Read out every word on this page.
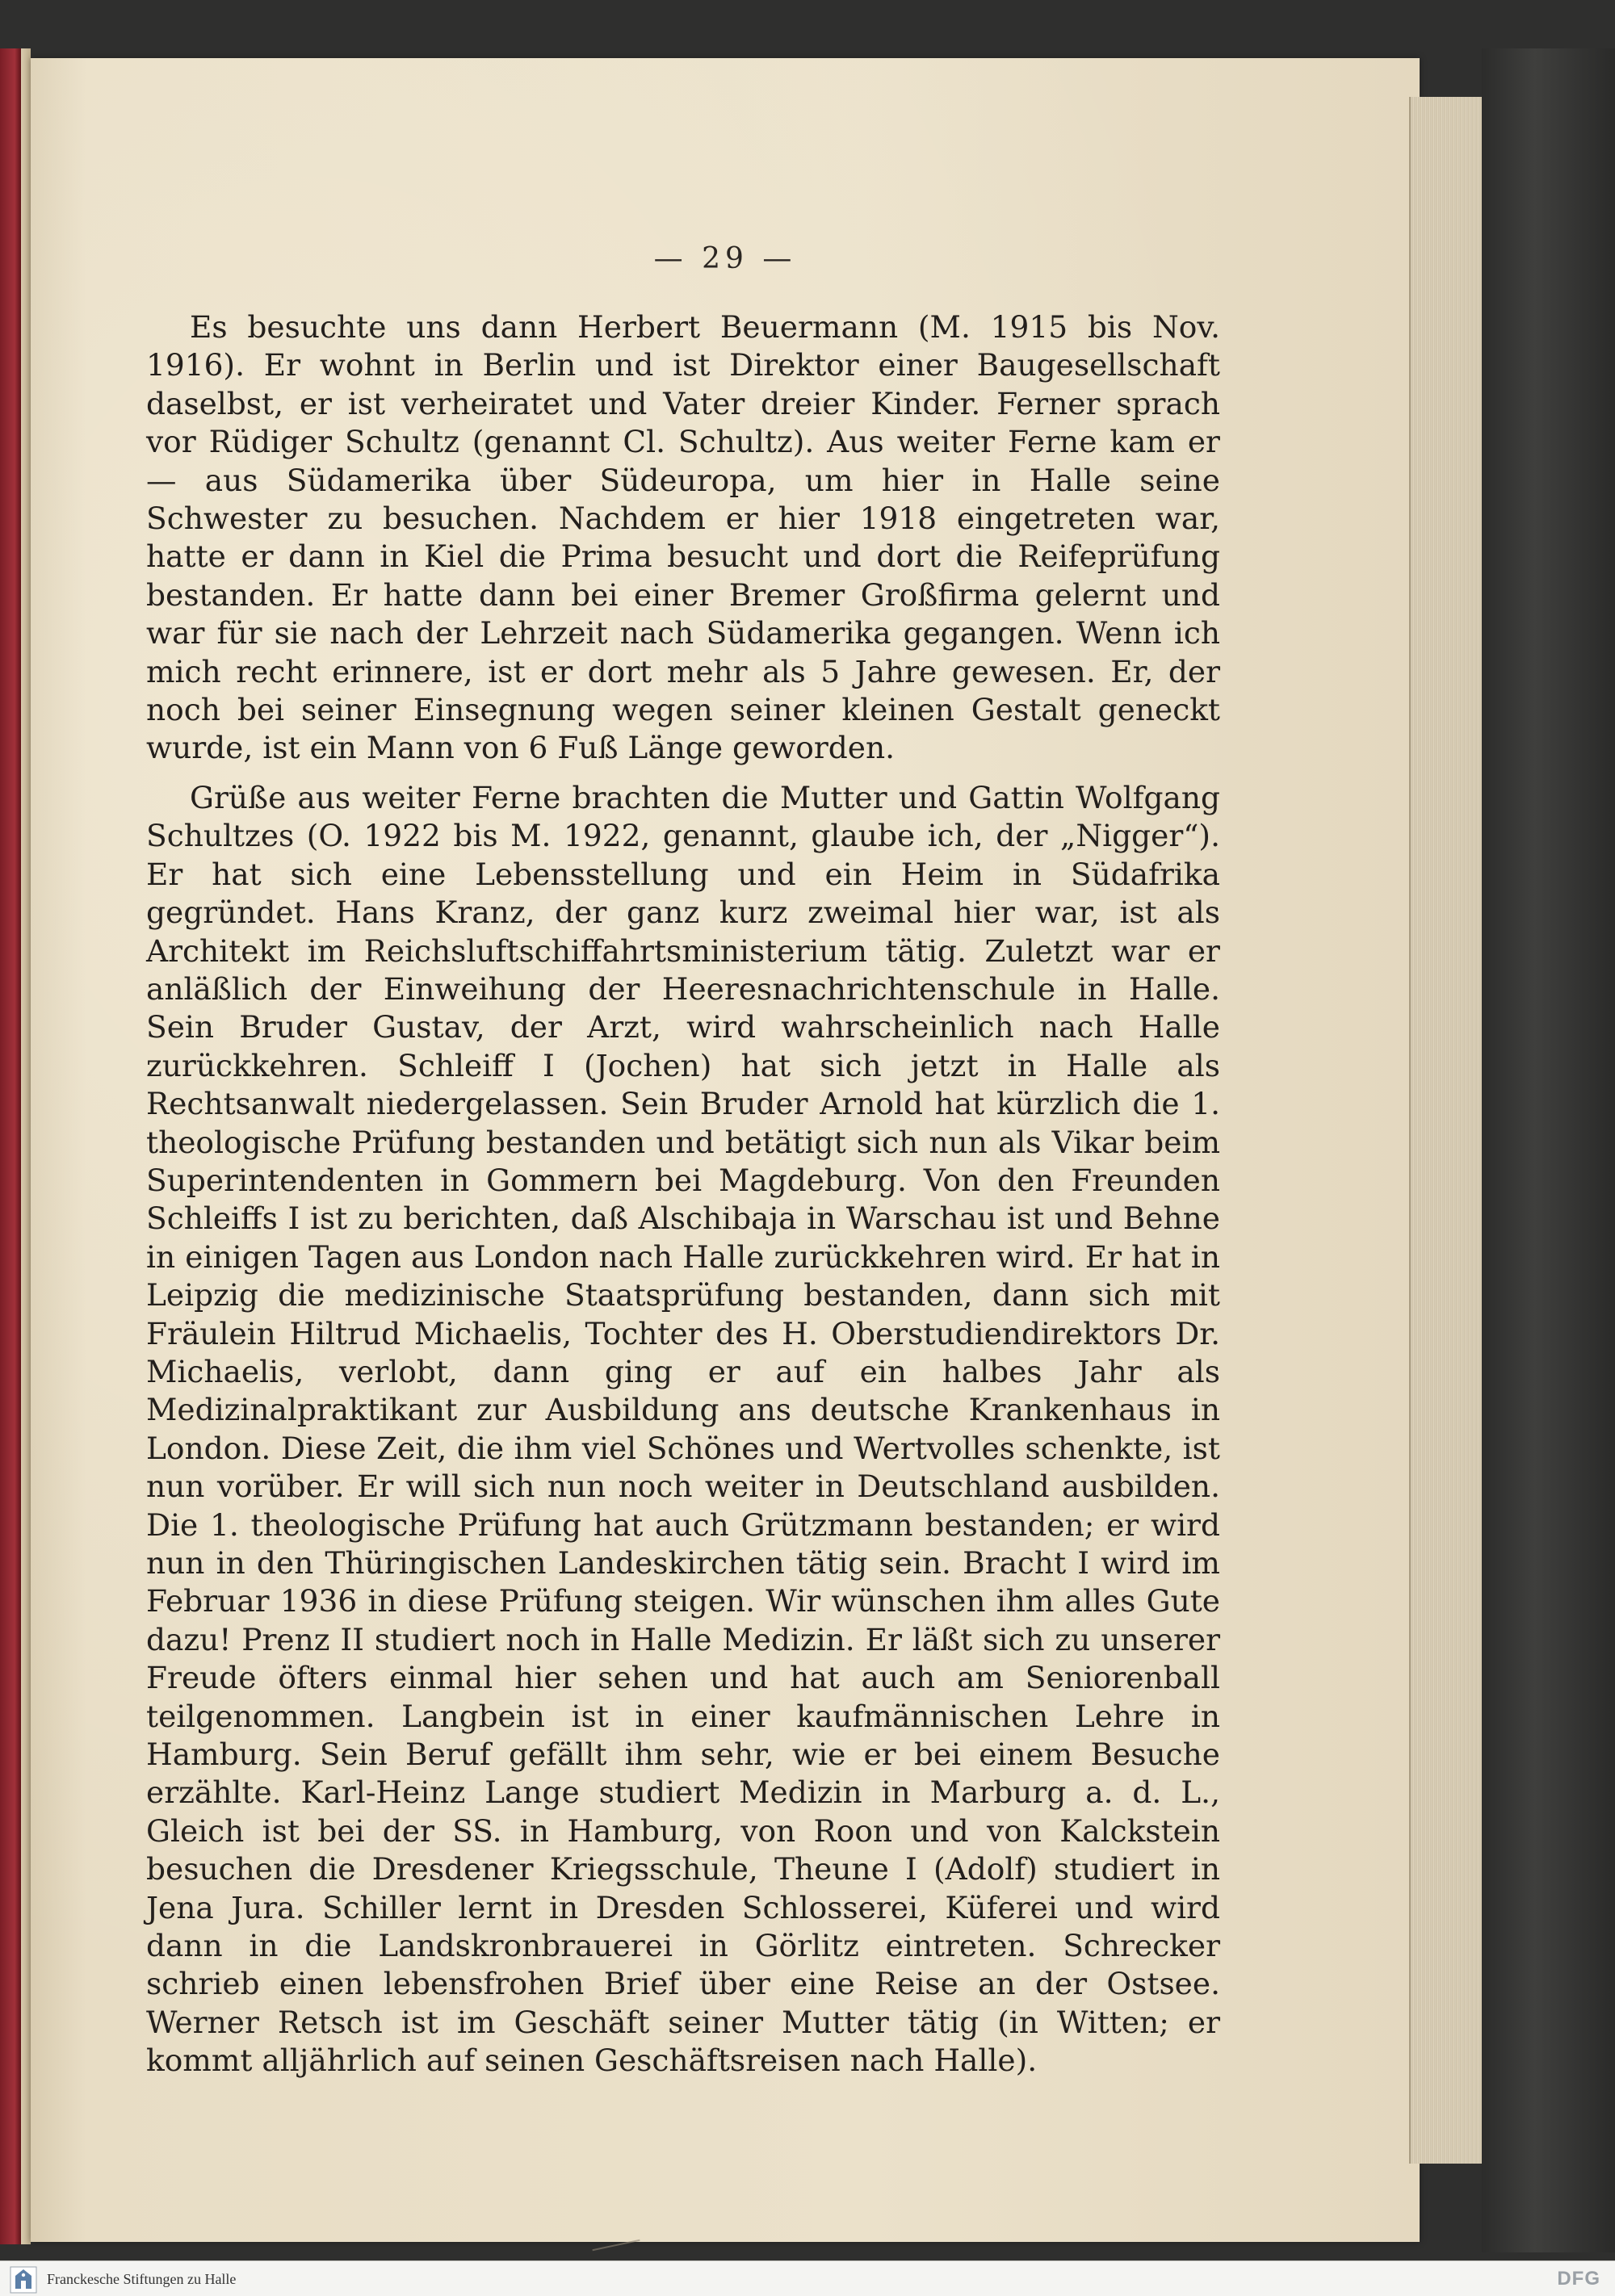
— 29 —

Es besuchte uns dann Herbert Beuermann (M. 1915 bis Nov. 1916). Er wohnt in Berlin und ist Direktor einer Baugesellschaft daselbst, er ist verheiratet und Vater dreier Kinder. Ferner sprach vor Rüdiger Schultz (genannt Cl. Schultz). Aus weiter Ferne kam er — aus Südamerika über Südeuropa, um hier in Halle seine Schwester zu besuchen. Nachdem er hier 1918 eingetreten war, hatte er dann in Kiel die Prima besucht und dort die Reifeprüfung bestanden. Er hatte dann bei einer Bremer Großfirma gelernt und war für sie nach der Lehrzeit nach Südamerika gegangen. Wenn ich mich recht erinnere, ist er dort mehr als 5 Jahre gewesen. Er, der noch bei seiner Einsegnung wegen seiner kleinen Gestalt geneckt wurde, ist ein Mann von 6 Fuß Länge geworden.

Grüße aus weiter Ferne brachten die Mutter und Gattin Wolfgang Schultzes (O. 1922 bis M. 1922, genannt, glaube ich, der „Nigger“). Er hat sich eine Lebensstellung und ein Heim in Südafrika gegründet. Hans Kranz, der ganz kurz zweimal hier war, ist als Architekt im Reichsluftschiffahrtsministerium tätig. Zuletzt war er anläßlich der Einweihung der Heeresnachrichtenschule in Halle. Sein Bruder Gustav, der Arzt, wird wahrscheinlich nach Halle zurückkehren. Schleiff I (Jochen) hat sich jetzt in Halle als Rechtsanwalt niedergelassen. Sein Bruder Arnold hat kürzlich die 1. theologische Prüfung bestanden und betätigt sich nun als Vikar beim Superintendenten in Gommern bei Magdeburg. Von den Freunden Schleiffs I ist zu berichten, daß Alschibaja in Warschau ist und Behne in einigen Tagen aus London nach Halle zurückkehren wird. Er hat in Leipzig die medizinische Staatsprüfung bestanden, dann sich mit Fräulein Hiltrud Michaelis, Tochter des H. Oberstudiendirektors Dr. Michaelis, verlobt, dann ging er auf ein halbes Jahr als Medizinalpraktikant zur Ausbildung ans deutsche Krankenhaus in London. Diese Zeit, die ihm viel Schönes und Wertvolles schenkte, ist nun vorüber. Er will sich nun noch weiter in Deutschland ausbilden. Die 1. theologische Prüfung hat auch Grützmann bestanden; er wird nun in den Thüringischen Landeskirchen tätig sein. Bracht I wird im Februar 1936 in diese Prüfung steigen. Wir wünschen ihm alles Gute dazu! Prenz II studiert noch in Halle Medizin. Er läßt sich zu unserer Freude öfters einmal hier sehen und hat auch am Seniorenball teilgenommen. Langbein ist in einer kaufmännischen Lehre in Hamburg. Sein Beruf gefällt ihm sehr, wie er bei einem Besuche erzählte. Karl-Heinz Lange studiert Medizin in Marburg a. d. L., Gleich ist bei der SS. in Hamburg, von Roon und von Kalckstein besuchen die Dresdener Kriegsschule, Theune I (Adolf) studiert in Jena Jura. Schiller lernt in Dresden Schlosserei, Küferei und wird dann in die Landskronbrauerei in Görlitz eintreten. Schrecker schrieb einen lebensfrohen Brief über eine Reise an der Ostsee. Werner Retsch ist im Geschäft seiner Mutter tätig (in Witten; er kommt alljährlich auf seinen Geschäftsreisen nach Halle).

Franckesche Stiftungen zu Halle	DFG
